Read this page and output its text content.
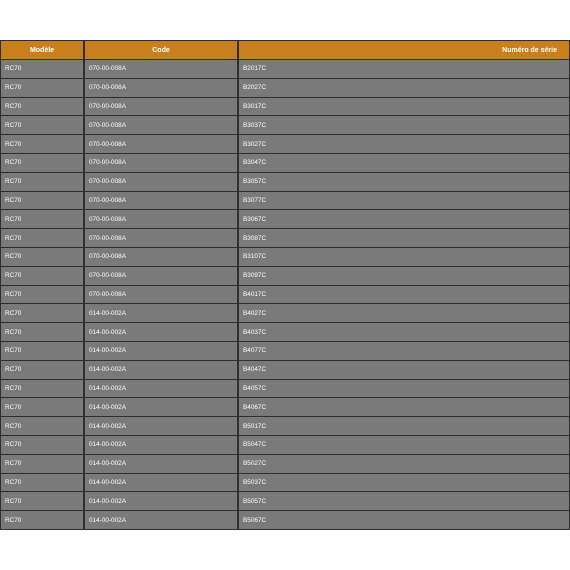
Modèle	Code	Numéro de série
RC70	070-00-008A	B2017C
RC70	070-00-008A	B2027C
RC70	070-00-008A	B3017C
RC70	070-00-008A	B3037C
RC70	070-00-008A	B3027C
RC70	070-00-008A	B3047C
RC70	070-00-008A	B3057C
RC70	070-00-008A	B3077C
RC70	070-00-008A	B3067C
RC70	070-00-008A	B3087C
RC70	070-00-008A	B3107C
RC70	070-00-008A	B3097C
RC70	070-00-008A	B4017C
RC70	014-00-002A	B4027C
RC70	014-00-002A	B4037C
RC70	014-00-002A	B4077C
RC70	014-00-002A	B4047C
RC70	014-00-002A	B4057C
RC70	014-00-002A	B4067C
RC70	014-00-002A	B5017C
RC70	014-00-002A	B5047C
RC70	014-00-002A	B5027C
RC70	014-00-002A	B5037C
RC70	014-00-002A	B5057C
RC70	014-00-002A	B5067C
